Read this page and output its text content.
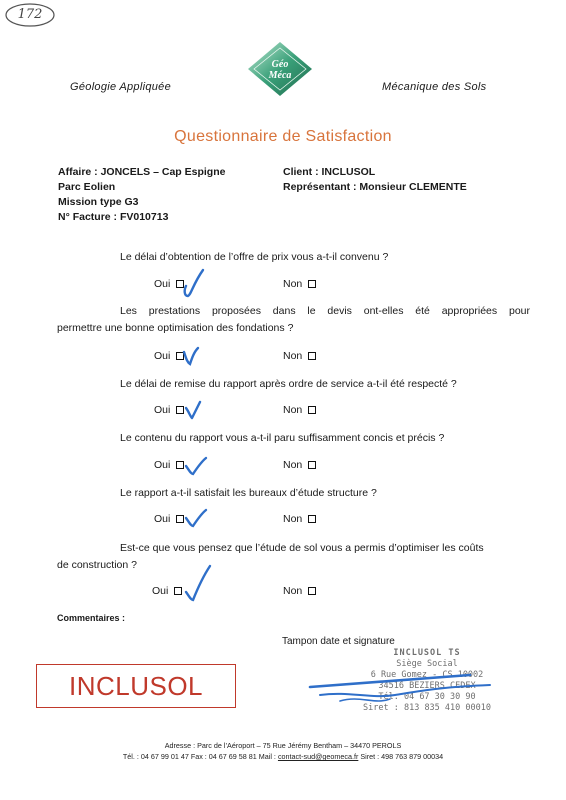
172
Géologie Appliquée	Mécanique des Sols
Géo
Méca
Questionnaire de Satisfaction
Affaire : JONCELS – Cap Espigne
Parc Eolien
Mission type G3
N° Facture : FV010713
Client : INCLUSOL
Représentant : Monsieur CLEMENTE
Le délai d’obtention de l’offre de prix vous a-t-il convenu ?
Oui	Non
Les prestations proposées dans le devis ont-elles été appropriées pour
permettre une bonne optimisation des fondations ?
Oui	Non
Le délai de remise du rapport après ordre de service a-t-il été respecté ?
Oui	Non
Le contenu du rapport vous a-t-il paru suffisamment concis et précis ?
Oui	Non
Le rapport a-t-il satisfait les bureaux d’étude structure ?
Oui	Non
Est-ce que vous pensez que l’étude de sol vous a permis d’optimiser les coûts
de construction ?
Oui	Non
Commentaires :
Tampon date et signature
INCLUSOL
INCLUSOL TS
Siège Social
6 Rue Gomez - CS 10002
34516 BEZIERS CEDEX
Tél. 04 67 30 30 90
Siret : 813 835 410 00010
Adresse : Parc de l’Aéroport – 75 Rue Jérémy Bentham – 34470 PEROLS
Tél. : 04 67 99 01 47 Fax : 04 67 69 58 81 Mail : contact-sud@geomeca.fr Siret : 498 763 879 00034
